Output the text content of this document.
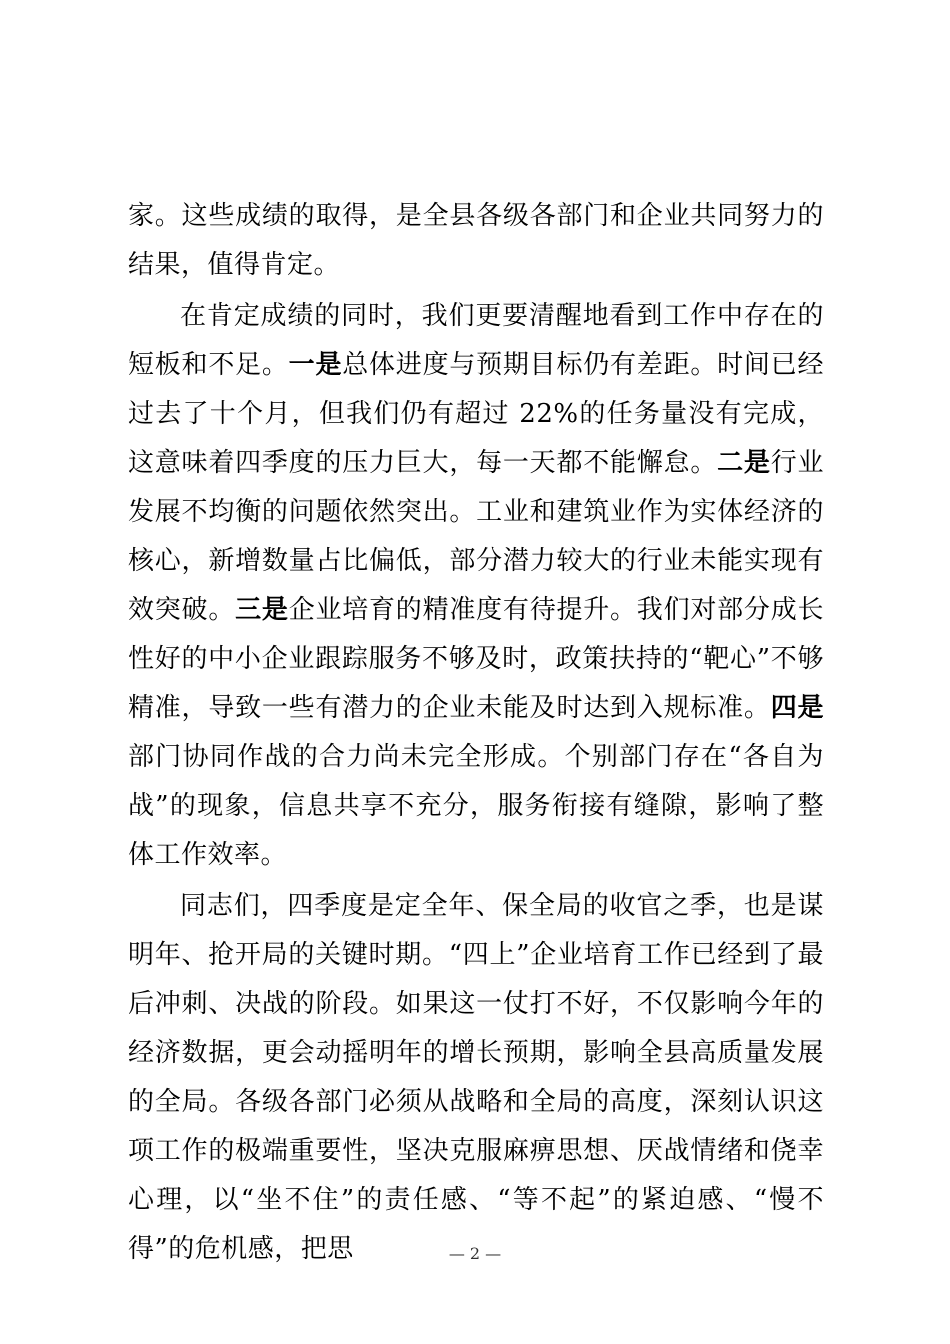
家。这些成绩的取得，是全县各级各部门和企业共同努力的结果，值得肯定。

在肯定成绩的同时，我们更要清醒地看到工作中存在的短板和不足。一是总体进度与预期目标仍有差距。时间已经过去了十个月，但我们仍有超过 22%的任务量没有完成，这意味着四季度的压力巨大，每一天都不能懈怠。二是行业发展不均衡的问题依然突出。工业和建筑业作为实体经济的核心，新增数量占比偏低，部分潜力较大的行业未能实现有效突破。三是企业培育的精准度有待提升。我们对部分成长性好的中小企业跟踪服务不够及时，政策扶持的“靶心”不够精准，导致一些有潜力的企业未能及时达到入规标准。四是部门协同作战的合力尚未完全形成。个别部门存在“各自为战”的现象，信息共享不充分，服务衔接有缝隙，影响了整体工作效率。

同志们，四季度是定全年、保全局的收官之季，也是谋明年、抢开局的关键时期。“四上”企业培育工作已经到了最后冲刺、决战的阶段。如果这一仗打不好，不仅影响今年的经济数据，更会动摇明年的增长预期，影响全县高质量发展的全局。各级各部门必须从战略和全局的高度，深刻认识这项工作的极端重要性，坚决克服麻痹思想、厌战情绪和侥幸心理，以“坐不住”的责任感、“等不起”的紧迫感、“慢不得”的危机感，把思	— 2 —
